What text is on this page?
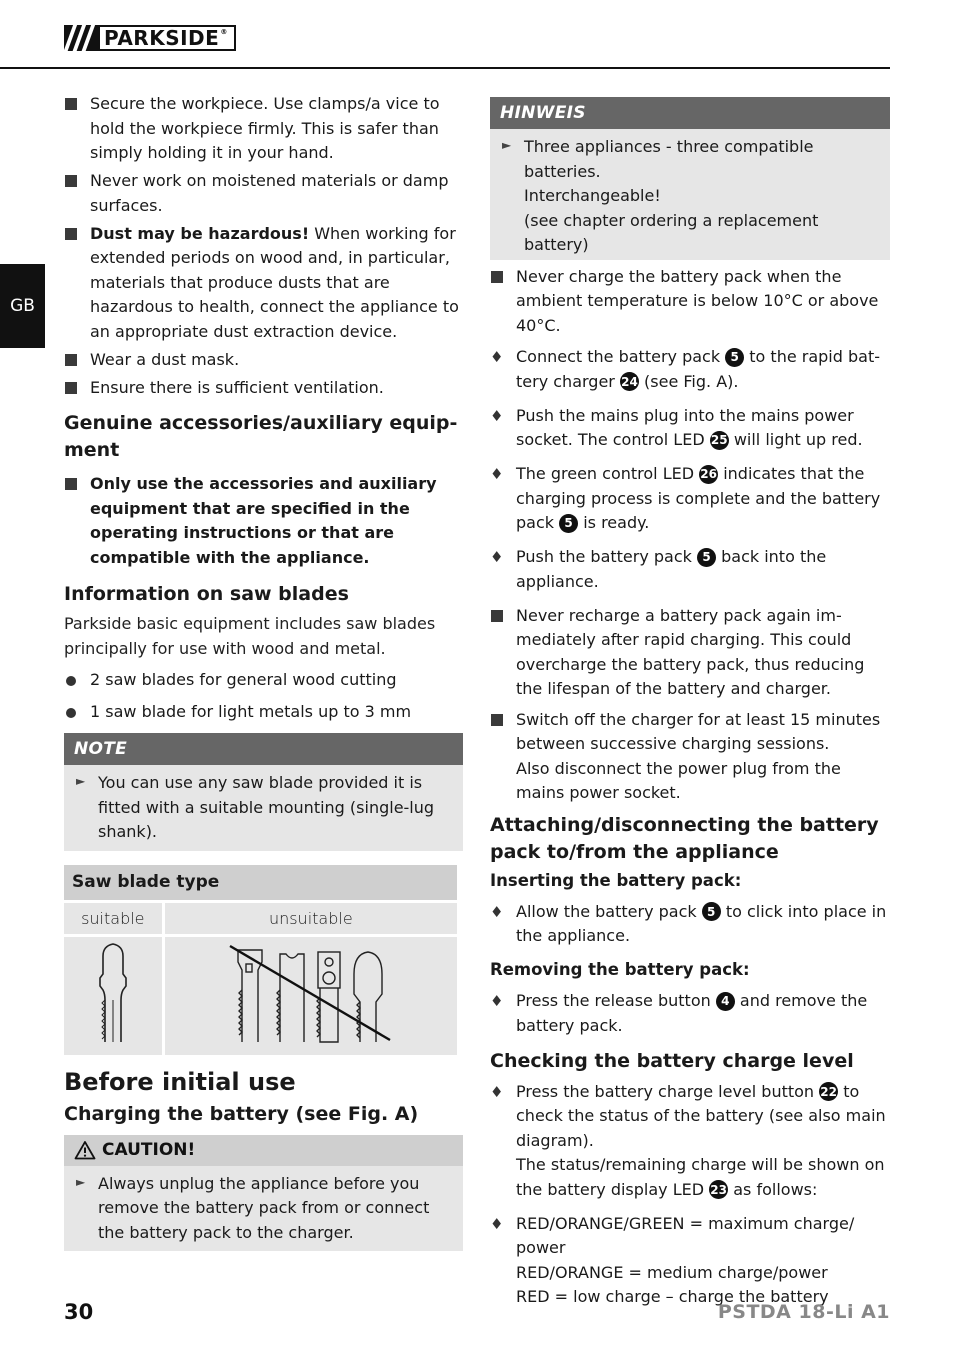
PARKSIDE ®
GB
Secure the workpiece. Use clamps/a vice to hold the workpiece firmly. This is safer than simply holding it in your hand.
Never work on moistened materials or damp surfaces.
Dust may be hazardous! When working for extended periods on wood and, in particular, materials that produce dusts that are hazardous to health, connect the appliance to an appropriate dust extraction device.
Wear a dust mask.
Ensure there is sufficient ventilation.
Genuine accessories/auxiliary equipment
Only use the accessories and auxiliary equipment that are specified in the operating instructions or that are compatible with the appliance.
Information on saw blades
Parkside basic equipment includes saw blades principally for use with wood and metal.
2 saw blades for general wood cutting
1 saw blade for light metals up to 3 mm
NOTE
► You can use any saw blade provided it is fitted with a suitable mounting (single-lug shank).
Saw blade type	
suitable	unsuitable

Before initial use
Charging the battery (see Fig. A)
CAUTION!
► Always unplug the appliance before you remove the battery pack from or connect the battery pack to the charger.
HINWEIS
► Three appliances - three compatible batteries.
Interchangeable!
(see chapter ordering a replacement battery)
Never charge the battery pack when the ambient temperature is below 10°C or above 40°C.
♦ Connect the battery pack 5 to the rapid battery charger 24 (see Fig. A).
♦ Push the mains plug into the mains power socket. The control LED 25 will light up red.
♦ The green control LED 26 indicates that the charging process is complete and the battery pack 5 is ready.
♦ Push the battery pack 5 back into the appliance.
Never recharge a battery pack again immediately after rapid charging. This could overcharge the battery pack, thus reducing the lifespan of the battery and charger.
Switch off the charger for at least 15 minutes between successive charging sessions.
Also disconnect the power plug from the mains power socket.
Attaching/disconnecting the battery pack to/from the appliance
Inserting the battery pack:
♦ Allow the battery pack 5 to click into place in the appliance.
Removing the battery pack:
♦ Press the release button 4 and remove the battery pack.
Checking the battery charge level
♦ Press the battery charge level button 22 to check the status of the battery (see also main diagram).
The status/remaining charge will be shown on the battery display LED 23 as follows:
♦ RED/ORANGE/GREEN = maximum charge/ power
RED/ORANGE = medium charge/power
RED = low charge – charge the battery
30	PSTDA 18-Li A1
